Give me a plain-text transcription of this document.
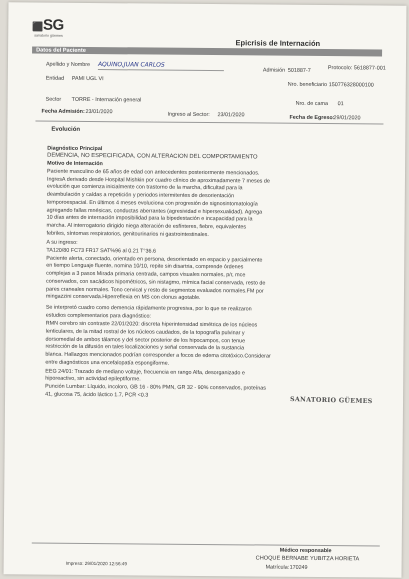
⬛SG
sanatorio güemes
Epicrisis de Internación
Datos del Paciente
Apellido y Nombre AQUINO,JUAN CARLOS
Admisión 501887-7	Protocolo: 5618877-001
Entidad PAMI UGL VI
Nro. beneficiario 150776328000100
Sector TORRE - Internación general
Nro. de cama 01
Fecha Admisión: 23/01/2020	Ingreso al Sector: 23/01/2020	Fecha de Egreso: 29/01/2020
Evolución
Diagnóstico Principal
DEMENCIA, NO ESPECIFICADA, CON ALTERACION DEL COMPORTAMIENTO
Motivo de Internación
Paciente masculino de 65 años de edad con antecedentes posteriormente mencionados.
IngresA derivado desde Hospital Mishkin por cuadro clínico de aproximadamente 7 meses de
evolución que comienza inicialmente con trastorno de la marcha, dificultad para la
deambulación y caídas a repetición y periodos intermitentes de desorientación
temporoespacial. En últimos 4 meses evoluciona con progresión de signosintomatología
agregando fallas mnésicas, conductas aberrantes (agresividad e hipersexualidad). Agrega
10 días antes de internación imposibilidad para la bipedestación e incapacidad para la
marcha. Al interrogatorio dirigido niega alteración de esfínteres, fiebre, equivalentes
febriles, síntomas respiratorios, genitourinarios ni gastrointestinales.
A su ingreso:
TA120/80 FC73 FR17 SAT%96 al 0.21 T°36.6
Paciente alerta, conectado, orientado en persona, desorientado en espacio y parcialmente
en tiempo Lenguaje fluente, nomina 10/10, repite sin disartria, comprende órdenes
complejas a 3 pasos Mirada primaria centrada, campos visuales normales, p/r, mce
conservados, con sacádicos hipométricos, sin nistagmo, mímica facial conservada, resto de
pares craneales normales. Tono cervical y resto de segmentos evaluados normales.FM por
mingazzini conservada.Hiperreflexia en MS con clonus agotable.
Se interpretó cuadro como demencia rápidamente progresiva, por lo que se realizaron
estudios complementarios para diagnóstico:
RMN cerebro sin contraste 22/01/2020: discreta hiperintensidad simétrica de los núcleos
lenticulares, de la mitad rostral de los núcleos caudados, de la topografía pulvinar y
dorsomedial de ambos tálamos y del sector posterior de los hipocampos, con tenue
restricción de la difusión en tales localizaciones y señal conservada de la sustancia
blanca. Hallazgos mencionados podrían corresponder a focos de edema citotóxico.Considerar
entre diagnósticos una encefalopatía espongiforme.
EEG 24/01: Trazado de mediano voltaje, frecuencia en rango Alfa, desorganizado e
hiporeactivo, sin actividad epileptiforme.
Punción Lumbar: Líquido, incoloro, GB 16 - 80% PMN, GR 32 - 90% conservados, proteínas
41, glucosa 75, ácido láctico 1.7, PCR <0.3
SANATORIO GÜEMES
Impreso: 29/01/2020 12:56:49
Médico responsable
CHOQUE BERNABE YUBITZA HORIETA
Matrícula: 170249
